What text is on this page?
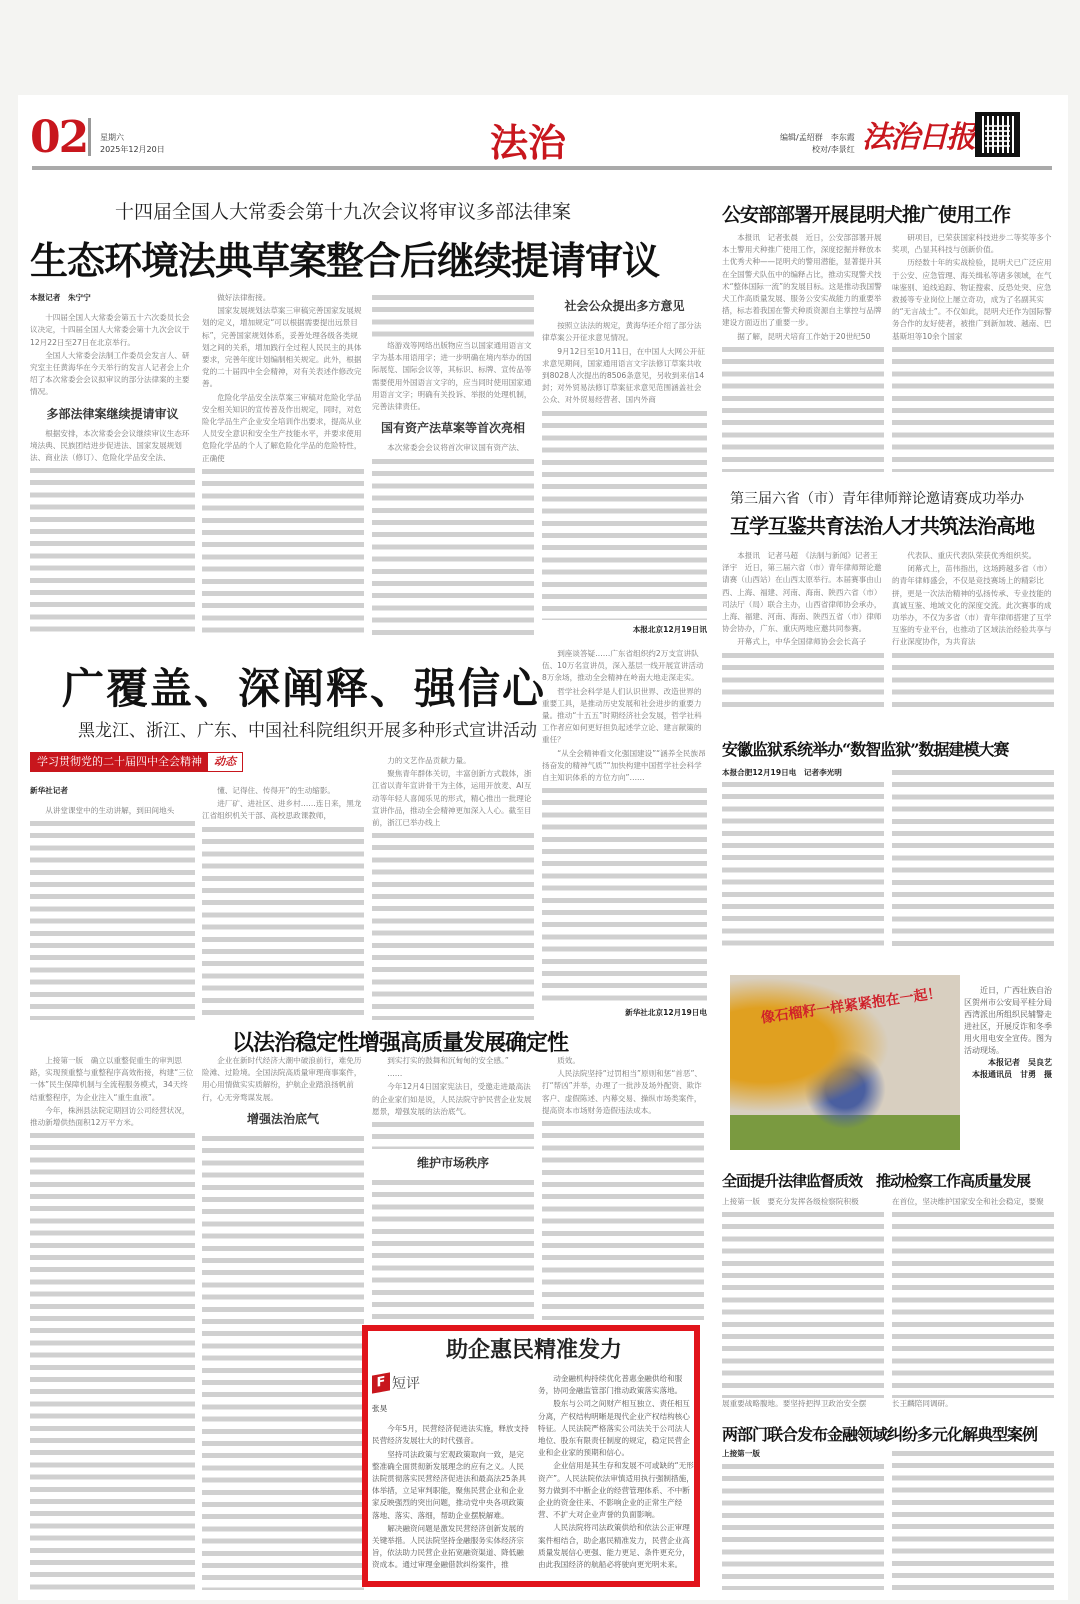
02 星期六
2025年12月20日	法治	编辑/孟绍群　李东霞
校对/李景红 法治日报
十四届全国人大常委会第十九次会议将审议多部法律案
生态环境法典草案整合后继续提请审议

本报记者　朱宁宁

十四届全国人大常委会第五十六次委员长会议决定，十四届全国人大常委会第十九次会议于12月22日至27日在北京举行。

全国人大常委会法制工作委员会发言人、研究室主任黄海华在今天举行的发言人记者会上介绍了本次常委会会议拟审议的部分法律案的主要情况。

多部法律案继续提请审议

根据安排，本次常委会会议继续审议生态环境法典、民族团结进步促进法、国家发展规划法、商业法（修订）、危险化学品安全法、

做好法律衔接。

国家发展规划法草案三审稿完善国家发展规划的定义，增加规定“可以根据需要提出远景目标”，完善国家规划体系，妥善处理各级各类规划之间的关系，增加践行全过程人民民主的具体要求，完善年度计划编制相关规定。此外，根据党的二十届四中全会精神，对有关表述作修改完善。

危险化学品安全法草案三审稿对危险化学品安全相关知识的宣传普及作出规定，同时，对危险化学品生产企业安全培训作出要求，提高从业人员安全意识和安全生产技能水平，并要求使用危险化学品的个人了解危险化学品的危险特性，正确使

络游戏等网络出版物应当以国家通用语言文字为基本用语用字；进一步明确在境内举办的国际展览、国际会议等，其标识、标牌、宣传品等需要使用外国语言文字的，应当同时使用国家通用语言文字；明确有关投诉、举报的处理机制，完善法律责任。

国有资产法草案等首次亮相

本次常委会会议将首次审议国有资产法、

社会公众提出多方意见

按照立法法的规定，黄海华还介绍了部分法律草案公开征求意见情况。

9月12日至10月11日，在中国人大网公开征求意见期间，国家通用语言文字法修订草案共收到8028人次提出的8506条意见，另收到来信14封；对外贸易法修订草案征求意见范围涵盖社会公众、对外贸易经营者、国内外商

本报北京12月19日讯

公安部部署开展昆明犬推广使用工作

本报讯　记者张晨　近日，公安部部署开展本土警用犬种推广使用工作，深度挖掘并释放本土优秀犬种——昆明犬的警用潜能，显著提升其在全国警犬队伍中的编释占比，推动实现警犬技术“整体国际一流”的发展目标。这是推动我国警犬工作高质量发展、服务公安实战能力的重要举措，标志着我国在警犬种质资源自主掌控与品牌建设方面迈出了重要一步。

据了解，昆明犬培育工作始于20世纪50

研项目，已荣获国家科技进步二等奖等多个奖项，凸显其科技与创新价值。

历经数十年的实战检验，昆明犬已广泛应用于公安、应急管理、海关缉私等诸多领域，在气味鉴别、追线追踪、物证搜索、反恐处突、应急救援等专业岗位上屡立奇功，成为了名副其实的“无言战士”。不仅如此，昆明犬还作为国际警务合作的友好使者，被推广到新加坡、越南、巴基斯坦等10余个国家

第三届六省（市）青年律师辩论邀请赛成功举办
互学互鉴共育法治人才共筑法治高地

本报讯　记者马超　《法制与新闻》记者王泽宇　近日，第三届六省（市）青年律师辩论邀请赛（山西站）在山西太原举行。本届赛事由山西、上海、福建、河南、海南、陕西六省（市）司法厅（局）联合主办，山西省律师协会承办，上海、福建、河南、海南、陕西五省（市）律师协会协办，广东、重庆两地应邀共同参赛。

开幕式上，中华全国律师协会会长高子

代表队、重庆代表队荣获优秀组织奖。

闭幕式上，苗伟指出，这场跨越多省（市）的青年律师盛会，不仅是竞技赛场上的精彩比拼，更是一次法治精神的弘扬传承、专业技能的真诚互鉴、地域文化的深度交流。此次赛事的成功举办，不仅为多省（市）青年律师搭建了互学互鉴的专业平台，也推动了区域法治经验共享与行业深度协作，为共育法

广覆盖、深阐释、强信心
黑龙江、浙江、广东、中国社科院组织开展多种形式宣讲活动
学习贯彻党的二十届四中全会精神	动态

新华社记者

从讲堂课堂中的生动讲解，到田间地头

懂、记得住、传得开”的生动缩影。

进厂矿、进社区、进乡村……连日来，黑龙江省组织机关干部、高校思政课教师，

力的文艺作品贡献力量。

聚焦青年群体关切，丰富创新方式载体，浙江省以青年宣讲骨干为主体，运用开放麦、AI互动等年轻人喜闻乐见的形式，精心推出一批理论宣讲作品，推动全会精神更加深入人心。截至目前，浙江已举办线上

到座谈答疑……广东省组织约2万支宣讲队伍、10万名宣讲员，深入基层一线开展宣讲活动8万余场，推动全会精神在岭南大地走深走实。

哲学社会科学是人们认识世界、改造世界的重要工具，是推动历史发展和社会进步的重要力量。推动“十五五”时期经济社会发展，哲学社科工作者应如何更好担负起述学立论、建言献策的重任？

“从全会精神看文化强国建设”“涵养全民族昂扬奋发的精神气质”“加快构建中国哲学社会科学自主知识体系的方位方向”……

新华社北京12月19日电

安徽监狱系统举办“数智监狱”数据建模大赛

本报合肥12月19日电　记者李光明

像石榴籽一样紧紧抱在一起！	近日，广西壮族自治区贺州市公安局平桂分局西湾派出所组织民辅警走进社区，开展反诈和冬季用火用电安全宣传。图为活动现场。
本报记者　吴良艺
本报通讯员　甘勇　摄
以法治稳定性增强高质量发展确定性

上接第一版　确立以重整促重生的审判思路，实现预重整与重整程序高效衔接，构建“三位一体”民生保障机制与全流程服务模式，34天终结重整程序，为企业注入“重生血液”。

今年，株洲县法院定期回访公司经营状况，推动新增供热面积12万平方米。

企业在新时代经济大潮中破浪前行，难免历险滩、过险境。全国法院高质量审理商事案件，用心用情做实实质解纷，护航企业踏浪扬帆前行，心无旁骛谋发展。

增强法治底气

到实打实的鼓舞和沉甸甸的安全感。”

……

今年12月4日国家宪法日，受邀走进最高法的企业家们如是说，人民法院守护民营企业发展愿景，增强发展的法治底气。

维护市场秩序

质效。

人民法院坚持“过罚相当”原则和惩“首恶”、打“帮凶”并举，办理了一批涉及场外配资、欺诈客户、虚假陈述、内幕交易、操纵市场类案件，提高资本市场财务造假违法成本。

助企惠民精准发力
F 短评

张昊

今年5月，民营经济促进法实施，释放支持民营经济发展壮大的时代强音。

坚持司法政策与宏观政策取向一致，是完整准确全面贯彻新发展理念的应有之义。人民法院贯彻落实民营经济促进法和最高法25条具体举措，立足审判职能，聚焦民营企业和企业家反映强烈的突出问题，推动党中央各项政策落地、落实、落细，帮助企业摆脱解难。

解决融资问题是激发民营经济创新发展的关键举措。人民法院坚持金融服务实体经济宗旨，依法助力民营企业拓宽融资渠道、降低融资成本。通过审理金融借款纠纷案件，推

动金融机构持续优化普惠金融供给和服务，协同金融监管部门推动政策落实落地。

股东与公司之间财产相互独立、责任相互分离，产权结构明晰是现代企业产权结构核心特征。人民法院严格落实公司法关于公司法人地位、股东有限责任制度的规定，稳定民营企业和企业家的预期和信心。

企业信用是其生存和发展不可或缺的“无形资产”。人民法院依法审慎适用执行强制措施，努力做到不中断企业的经营管理体系、不中断企业的资金往来、不影响企业的正常生产经营、不扩大对企业声誉的负面影响。

人民法院将司法政策供给和依法公正审理案件相结合，助企惠民精准发力，民营企业高质量发展信心更强、能力更足、条件更充分，由此我国经济的航船必将驶向更光明未来。

全面提升法律监督质效　推动检察工作高质量发展

上接第一版　要充分发挥各级检察院积极

展重要战略腹地。要坚持把捍卫政治安全摆

在首位，坚决维护国家安全和社会稳定，要聚

长王麟陪同调研。

两部门联合发布金融领域纠纷多元化解典型案例

上接第一版　
